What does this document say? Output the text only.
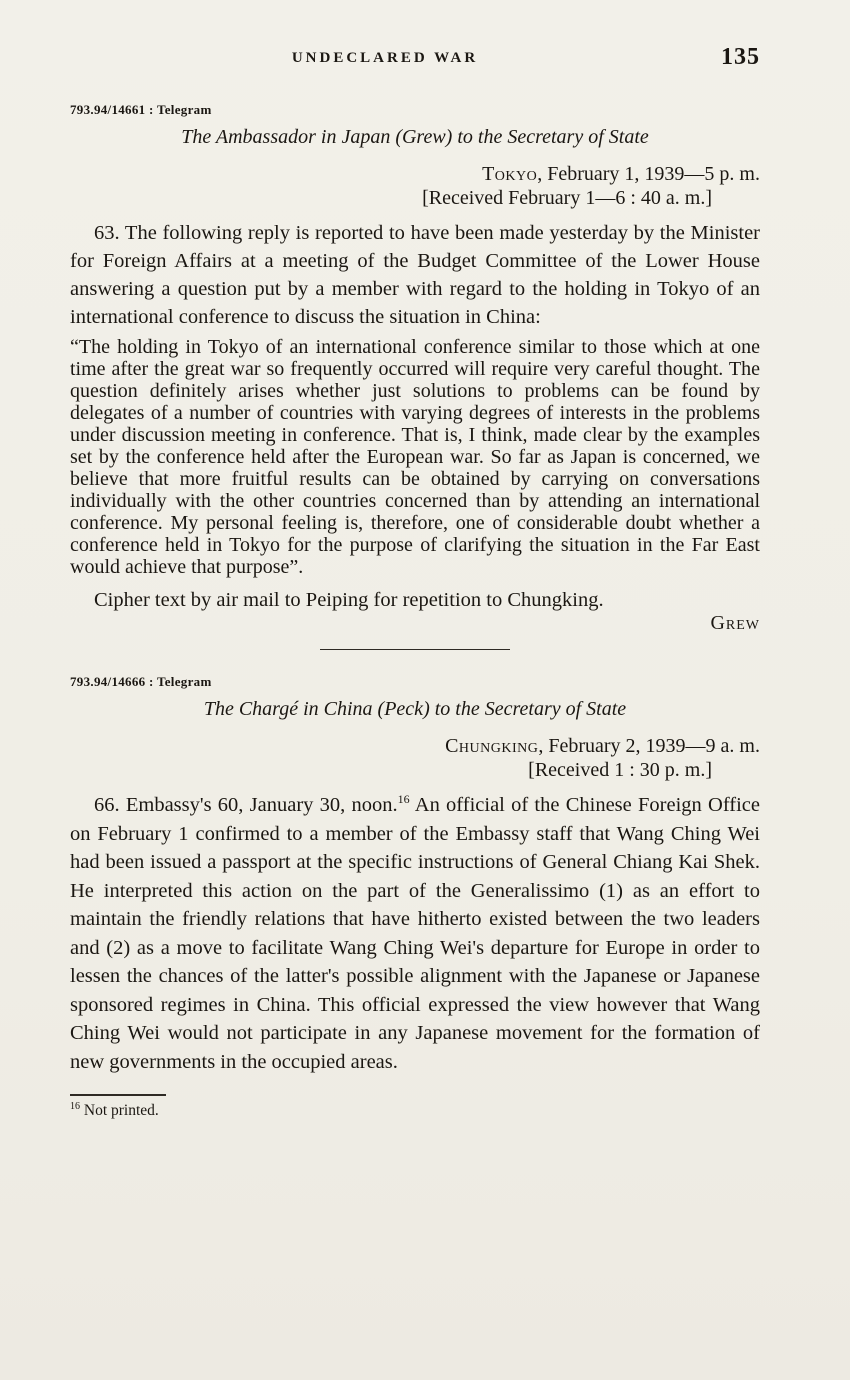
UNDECLARED WAR	135
793.94/14661 : Telegram
The Ambassador in Japan (Grew) to the Secretary of State

Tokyo, February 1, 1939—5 p. m.

[Received February 1—6 : 40 a. m.]

63. The following reply is reported to have been made yesterday by the Minister for Foreign Affairs at a meeting of the Budget Committee of the Lower House answering a question put by a member with regard to the holding in Tokyo of an international conference to discuss the situation in China:

“The holding in Tokyo of an international conference similar to those which at one time after the great war so frequently occurred will require very careful thought. The question definitely arises whether just solutions to problems can be found by delegates of a number of countries with varying degrees of interests in the problems under discussion meeting in conference. That is, I think, made clear by the examples set by the conference held after the European war. So far as Japan is concerned, we believe that more fruitful results can be obtained by carrying on conversations individually with the other countries concerned than by attending an international conference. My personal feeling is, therefore, one of considerable doubt whether a conference held in Tokyo for the purpose of clarifying the situation in the Far East would achieve that purpose”.

Cipher text by air mail to Peiping for repetition to Chungking.

Grew

793.94/14666 : Telegram
The Chargé in China (Peck) to the Secretary of State

Chungking, February 2, 1939—9 a. m.

[Received 1 : 30 p. m.]

66. Embassy's 60, January 30, noon.$^{16}$ An official of the Chinese Foreign Office on February 1 confirmed to a member of the Embassy staff that Wang Ching Wei had been issued a passport at the specific instructions of General Chiang Kai Shek. He interpreted this action on the part of the Generalissimo (1) as an effort to maintain the friendly relations that have hitherto existed between the two leaders and (2) as a move to facilitate Wang Ching Wei's departure for Europe in order to lessen the chances of the latter's possible alignment with the Japanese or Japanese sponsored regimes in China. This official expressed the view however that Wang Ching Wei would not participate in any Japanese movement for the formation of new governments in the occupied areas.

$^{16}$ Not printed.
